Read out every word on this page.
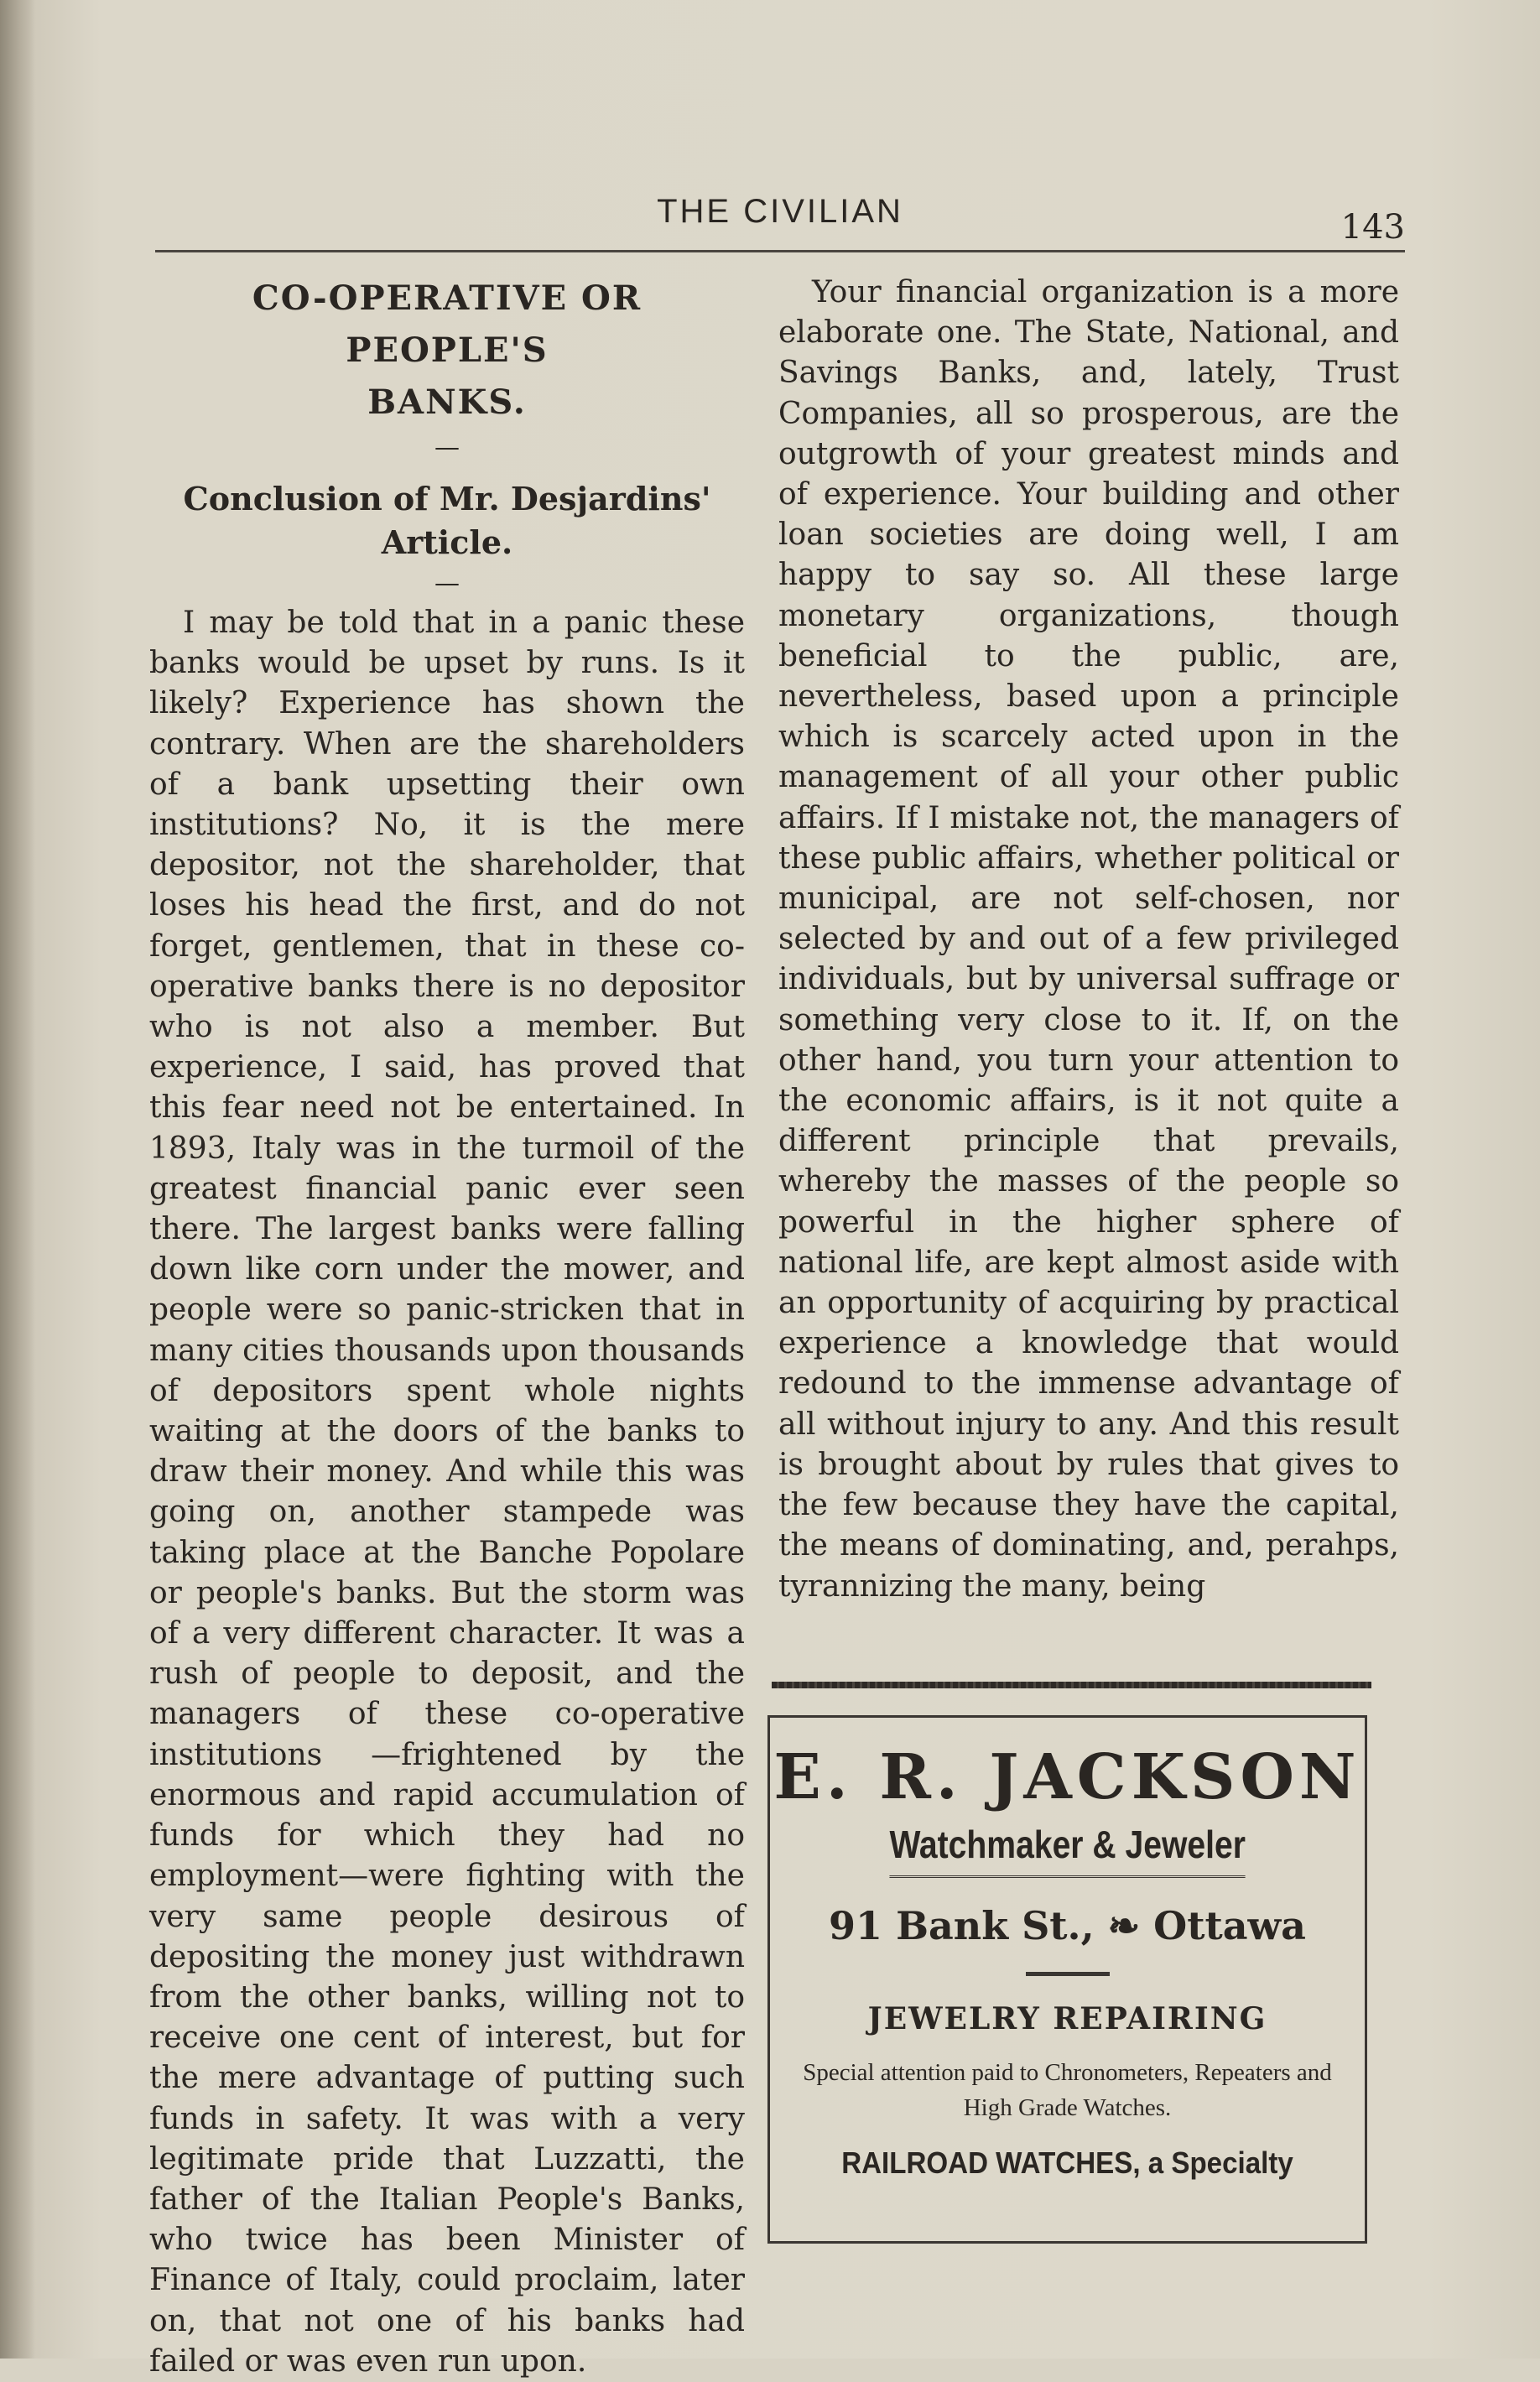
THE CIVILIAN	143
CO-OPERATIVE OR PEOPLE'S
BANKS.
—
Conclusion of Mr. Desjardins' Article.
—

I may be told that in a panic these banks would be upset by runs. Is it likely? Experience has shown the contrary. When are the shareholders of a bank upsetting their own institutions? No, it is the mere depositor, not the shareholder, that loses his head the first, and do not forget, gentlemen, that in these co-operative banks there is no depositor who is not also a member. But experience, I said, has proved that this fear need not be entertained. In 1893, Italy was in the turmoil of the greatest financial panic ever seen there. The largest banks were falling down like corn under the mower, and people were so panic-stricken that in many cities thousands upon thousands of depositors spent whole nights waiting at the doors of the banks to draw their money. And while this was going on, another stampede was taking place at the Banche Popolare or people's banks. But the storm was of a very different character. It was a rush of people to deposit, and the managers of these co-operative institutions —frightened by the enormous and rapid accumulation of funds for which they had no employment—were fighting with the very same people desirous of depositing the money just withdrawn from the other banks, willing not to receive one cent of interest, but for the mere advantage of putting such funds in safety. It was with a very legitimate pride that Luzzatti, the father of the Italian People's Banks, who twice has been Minister of Finance of Italy, could proclaim, later on, that not one of his banks had failed or was even run upon.

Your financial organization is a more elaborate one. The State, National, and Savings Banks, and, lately, Trust Companies, all so prosperous, are the outgrowth of your greatest minds and of experience. Your building and other loan societies are doing well, I am happy to say so. All these large monetary organizations, though beneficial to the public, are, nevertheless, based upon a principle which is scarcely acted upon in the management of all your other public affairs. If I mistake not, the managers of these public affairs, whether political or municipal, are not self-chosen, nor selected by and out of a few privileged individuals, but by universal suffrage or something very close to it. If, on the other hand, you turn your attention to the economic affairs, is it not quite a different principle that prevails, whereby the masses of the people so powerful in the higher sphere of national life, are kept almost aside with an opportunity of acquiring by practical experience a knowledge that would redound to the immense advantage of all without injury to any. And this result is brought about by rules that gives to the few because they have the capital, the means of dominating, and, perahps, tyrannizing the many, being

E. R. JACKSON
Watchmaker & Jeweler
91 Bank St., ❧ Ottawa
JEWELRY REPAIRING
Special attention paid to Chronometers, Repeaters and High Grade Watches.
RAILROAD WATCHES, a Specialty
